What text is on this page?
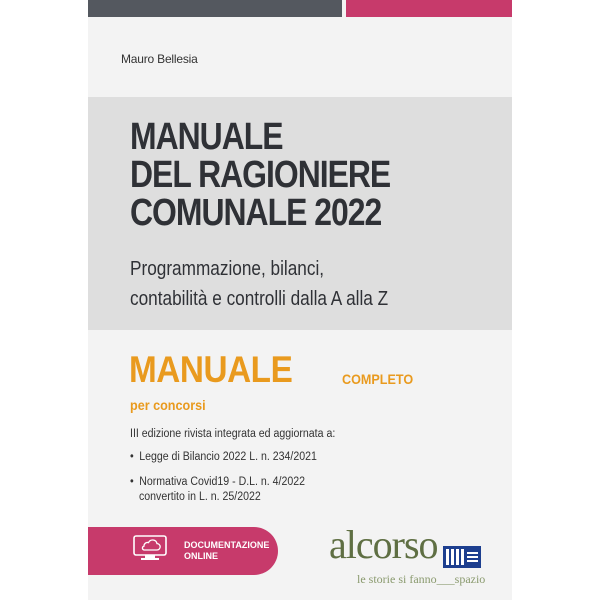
Mauro Bellesia
MANUALE
DEL RAGIONIERE
COMUNALE 2022

Programmazione, bilanci,
contabilità e controlli dalla A alla Z

MANUALE	COMPLETO
per concorsi
III edizione rivista integrata ed aggiornata a:
• Legge di Bilancio 2022 L. n. 234/2021
• Normativa Covid19 - D.L. n. 4/2022
convertito in L. n. 25/2022
DOCUMENTAZIONE
ONLINE	alcorso
le storie si fanno___spazio
